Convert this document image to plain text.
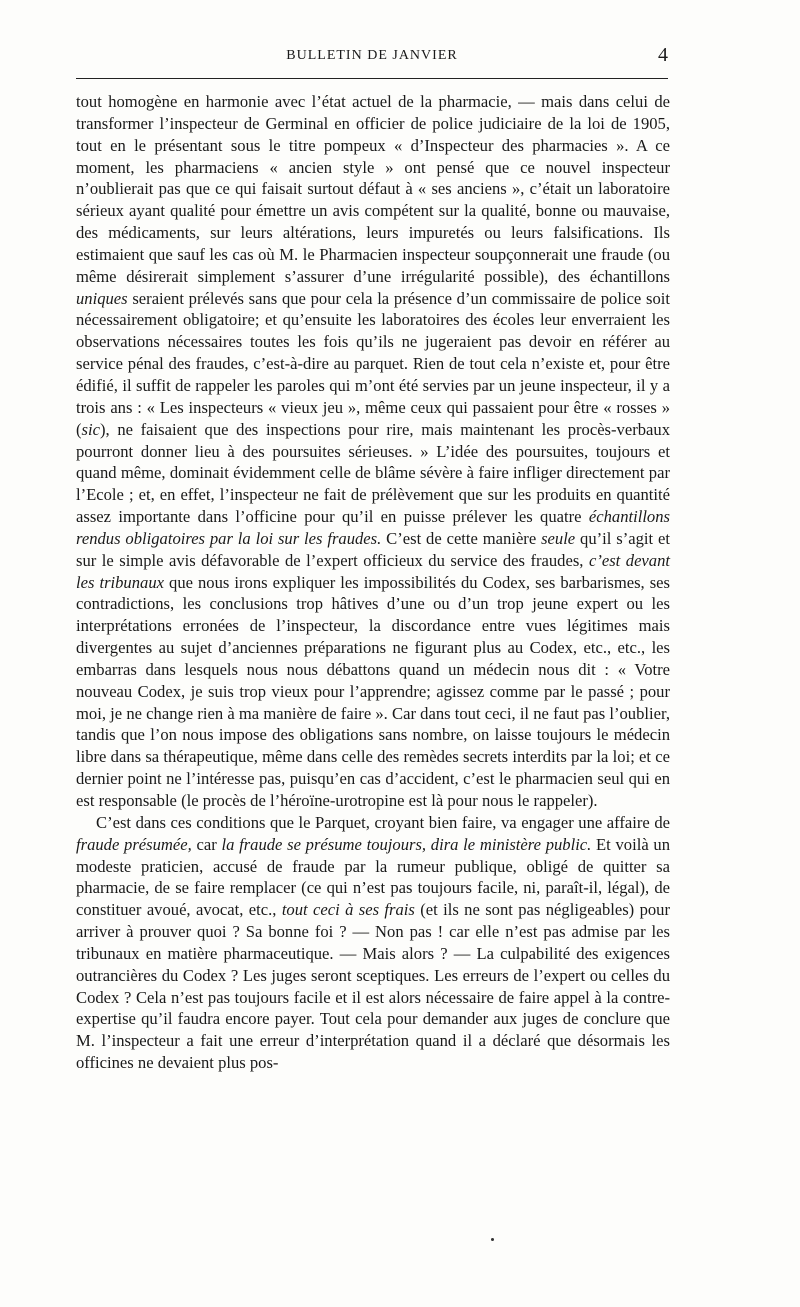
BULLETIN DE JANVIER	4

tout homogène en harmonie avec l’état actuel de la pharmacie, — mais dans celui de transformer l’inspecteur de Germinal en officier de police judiciaire de la loi de 1905, tout en le présentant sous le titre pompeux « d’Inspecteur des pharmacies ». A ce moment, les pharmaciens « ancien style » ont pensé que ce nouvel inspecteur n’oublierait pas que ce qui faisait surtout défaut à « ses anciens », c’était un laboratoire sérieux ayant qualité pour émettre un avis compétent sur la qualité, bonne ou mauvaise, des médicaments, sur leurs altérations, leurs impuretés ou leurs falsifications. Ils estimaient que sauf les cas où M. le Pharmacien inspecteur soupçonnerait une fraude (ou même désirerait simplement s’assurer d’une irrégularité possible), des échantillons uniques seraient prélevés sans que pour cela la présence d’un commissaire de police soit nécessairement obligatoire; et qu’ensuite les laboratoires des écoles leur enverraient les observations nécessaires toutes les fois qu’ils ne jugeraient pas devoir en référer au service pénal des fraudes, c’est-à-dire au parquet. Rien de tout cela n’existe et, pour être édifié, il suffit de rappeler les paroles qui m’ont été servies par un jeune inspecteur, il y a trois ans : « Les inspecteurs « vieux jeu », même ceux qui passaient pour être « rosses » (sic), ne faisaient que des inspections pour rire, mais maintenant les procès-verbaux pourront donner lieu à des poursuites sérieuses. » L’idée des poursuites, toujours et quand même, dominait évidemment celle de blâme sévère à faire infliger directement par l’Ecole ; et, en effet, l’inspecteur ne fait de prélèvement que sur les produits en quantité assez importante dans l’officine pour qu’il en puisse prélever les quatre échantillons rendus obligatoires par la loi sur les fraudes. C’est de cette manière seule qu’il s’agit et sur le simple avis défavorable de l’expert officieux du service des fraudes, c’est devant les tribunaux que nous irons expliquer les impossibilités du Codex, ses barbarismes, ses contradictions, les conclusions trop hâtives d’une ou d’un trop jeune expert ou les interprétations erronées de l’inspecteur, la discordance entre vues légitimes mais divergentes au sujet d’anciennes préparations ne figurant plus au Codex, etc., etc., les embarras dans lesquels nous nous débattons quand un médecin nous dit : « Votre nouveau Codex, je suis trop vieux pour l’apprendre; agissez comme par le passé ; pour moi, je ne change rien à ma manière de faire ». Car dans tout ceci, il ne faut pas l’oublier, tandis que l’on nous impose des obligations sans nombre, on laisse toujours le médecin libre dans sa thérapeutique, même dans celle des remèdes secrets interdits par la loi; et ce dernier point ne l’intéresse pas, puisqu’en cas d’accident, c’est le pharmacien seul qui en est responsable (le procès de l’héroïne-urotropine est là pour nous le rappeler).

C’est dans ces conditions que le Parquet, croyant bien faire, va engager une affaire de fraude présumée, car la fraude se présume toujours, dira le ministère public. Et voilà un modeste praticien, accusé de fraude par la rumeur publique, obligé de quitter sa pharmacie, de se faire remplacer (ce qui n’est pas toujours facile, ni, paraît-il, légal), de constituer avoué, avocat, etc., tout ceci à ses frais (et ils ne sont pas négligeables) pour arriver à prouver quoi ? Sa bonne foi ? — Non pas ! car elle n’est pas admise par les tribunaux en matière pharmaceutique. — Mais alors ? — La culpabilité des exigences outrancières du Codex ? Les juges seront sceptiques. Les erreurs de l’expert ou celles du Codex ? Cela n’est pas toujours facile et il est alors nécessaire de faire appel à la contre-expertise qu’il faudra encore payer. Tout cela pour demander aux juges de conclure que M. l’inspecteur a fait une erreur d’interprétation quand il a déclaré que désormais les officines ne devaient plus pos-
